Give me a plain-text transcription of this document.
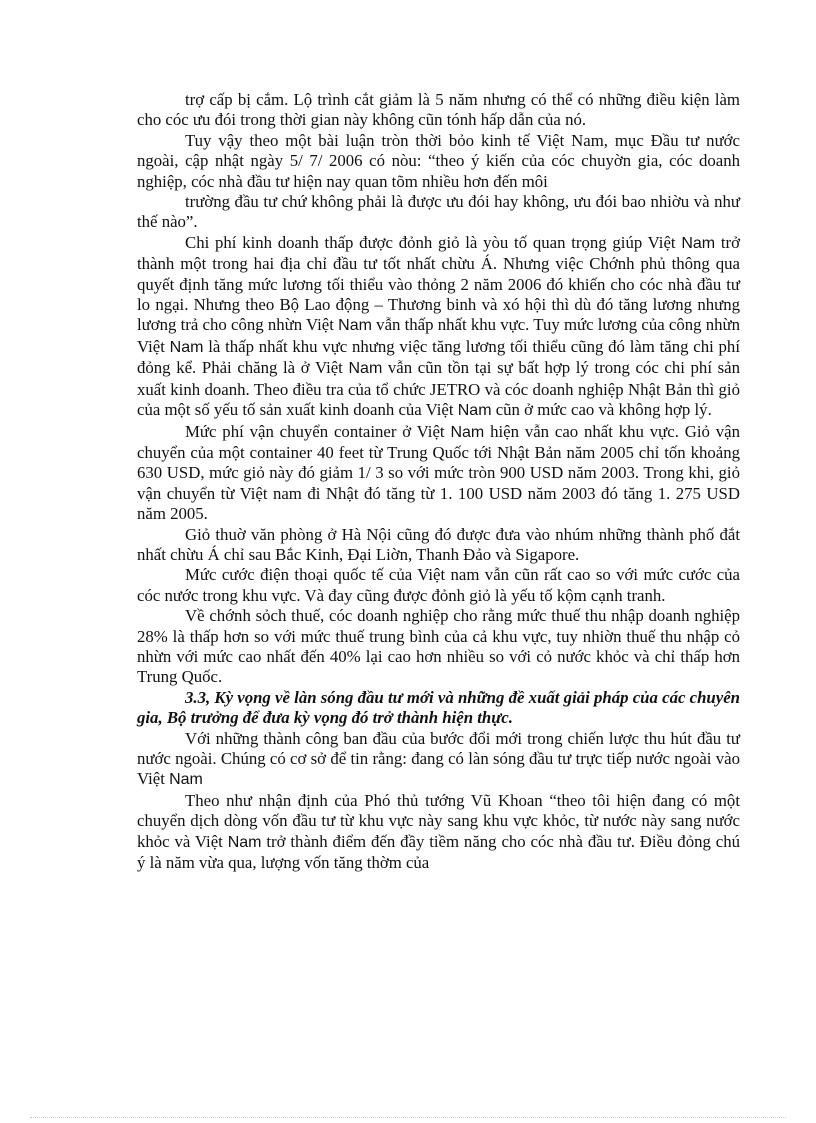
trợ cấp bị cắm. Lộ trình cắt giảm là 5 năm nhưng có thể có những điều kiện làm cho cóc ưu đói trong thời gian này không cũn tónh hấp dẫn của nó.

Tuy vậy theo một bài luận tròn thời bỏo kinh tế Việt Nam, mục Đầu tư nước ngoài, cập nhật ngày 5/ 7/ 2006 có nòu: “theo ý kiến của cóc chuyờn gia, cóc doanh nghiệp, cóc nhà đầu tư hiện nay quan tõm nhiều hơn đến môi

trường đầu tư chứ không phải là được ưu đói hay không, ưu đói bao nhiờu và như thế nào”.

Chi phí kinh doanh thấp được đỏnh giỏ là yòu tố quan trọng giúp Việt Nam trở thành một trong hai địa chỉ đầu tư tốt nhất chừu Á. Nhưng việc Chớnh phủ thông qua quyết định tăng mức lương tối thiểu vào thỏng 2 năm 2006 đó khiến cho cóc nhà đầu tư lo ngại. Nhưng theo Bộ Lao động – Thương binh và xó hội thì dù đó tăng lương nhưng lương trả cho công nhừn Việt Nam vẫn thấp nhất khu vực. Tuy mức lương của công nhừn Việt Nam là thấp nhất khu vực nhưng việc tăng lương tối thiểu cũng đó làm tăng chi phí đỏng kể. Phải chăng là ở Việt Nam vẫn cũn tồn tại sự bất hợp lý trong cóc chi phí sản xuất kinh doanh. Theo điều tra của tổ chức JETRO và cóc doanh nghiệp Nhật Bản thì giỏ của một số yếu tố sản xuất kinh doanh của Việt Nam cũn ở mức cao và không hợp lý.

Mức phí vận chuyển container ở Việt Nam hiện vẫn cao nhất khu vực. Giỏ vận chuyển của một container 40 feet từ Trung Quốc tới Nhật Bản năm 2005 chỉ tốn khoảng 630 USD, mức giỏ này đó giảm 1/ 3 so với mức tròn 900 USD năm 2003. Trong khi, giỏ vận chuyển từ Việt nam đi Nhật đó tăng từ 1. 100 USD năm 2003 đó tăng 1. 275 USD năm 2005.

Giỏ thuờ văn phòng ở Hà Nội cũng đó được đưa vào nhúm những thành phố đắt nhất chừu Á chỉ sau Bắc Kinh, Đại Liờn, Thanh Đảo và Sigapore.

Mức cước điện thoại quốc tế của Việt nam vẫn cũn rất cao so với mức cước của cóc nước trong khu vực. Và đay cũng được đỏnh giỏ là yếu tố kộm cạnh tranh.

Về chớnh sỏch thuế, cóc doanh nghiệp cho rằng mức thuế thu nhập doanh nghiệp 28% là thấp hơn so với mức thuế trung bình của cả khu vực, tuy nhiờn thuế thu nhập cỏ nhừn với mức cao nhất đến 40% lại cao hơn nhiều so với cỏ nước khỏc và chỉ thấp hơn Trung Quốc.

3.3, Kỳ vọng về làn sóng đầu tư mới và những đề xuất giải pháp của các chuyên gia, Bộ trưởng để đưa kỳ vọng đó trở thành hiện thực.

Với những thành công ban đầu của bước đổi mới trong chiến lược thu hút đầu tư nước ngoài. Chúng có cơ sở để tin rằng: đang có làn sóng đầu tư trực tiếp nước ngoài vào Việt Nam

Theo như nhận định của Phó thủ tướng Vũ Khoan “theo tôi hiện đang có một chuyển dịch dòng vốn đầu tư từ khu vực này sang khu vực khỏc, từ nước này sang nước khỏc và Việt Nam trở thành điểm đến đầy tiềm năng cho cóc nhà đầu tư. Điều đỏng chú ý là năm vừa qua, lượng vốn tăng thờm của
